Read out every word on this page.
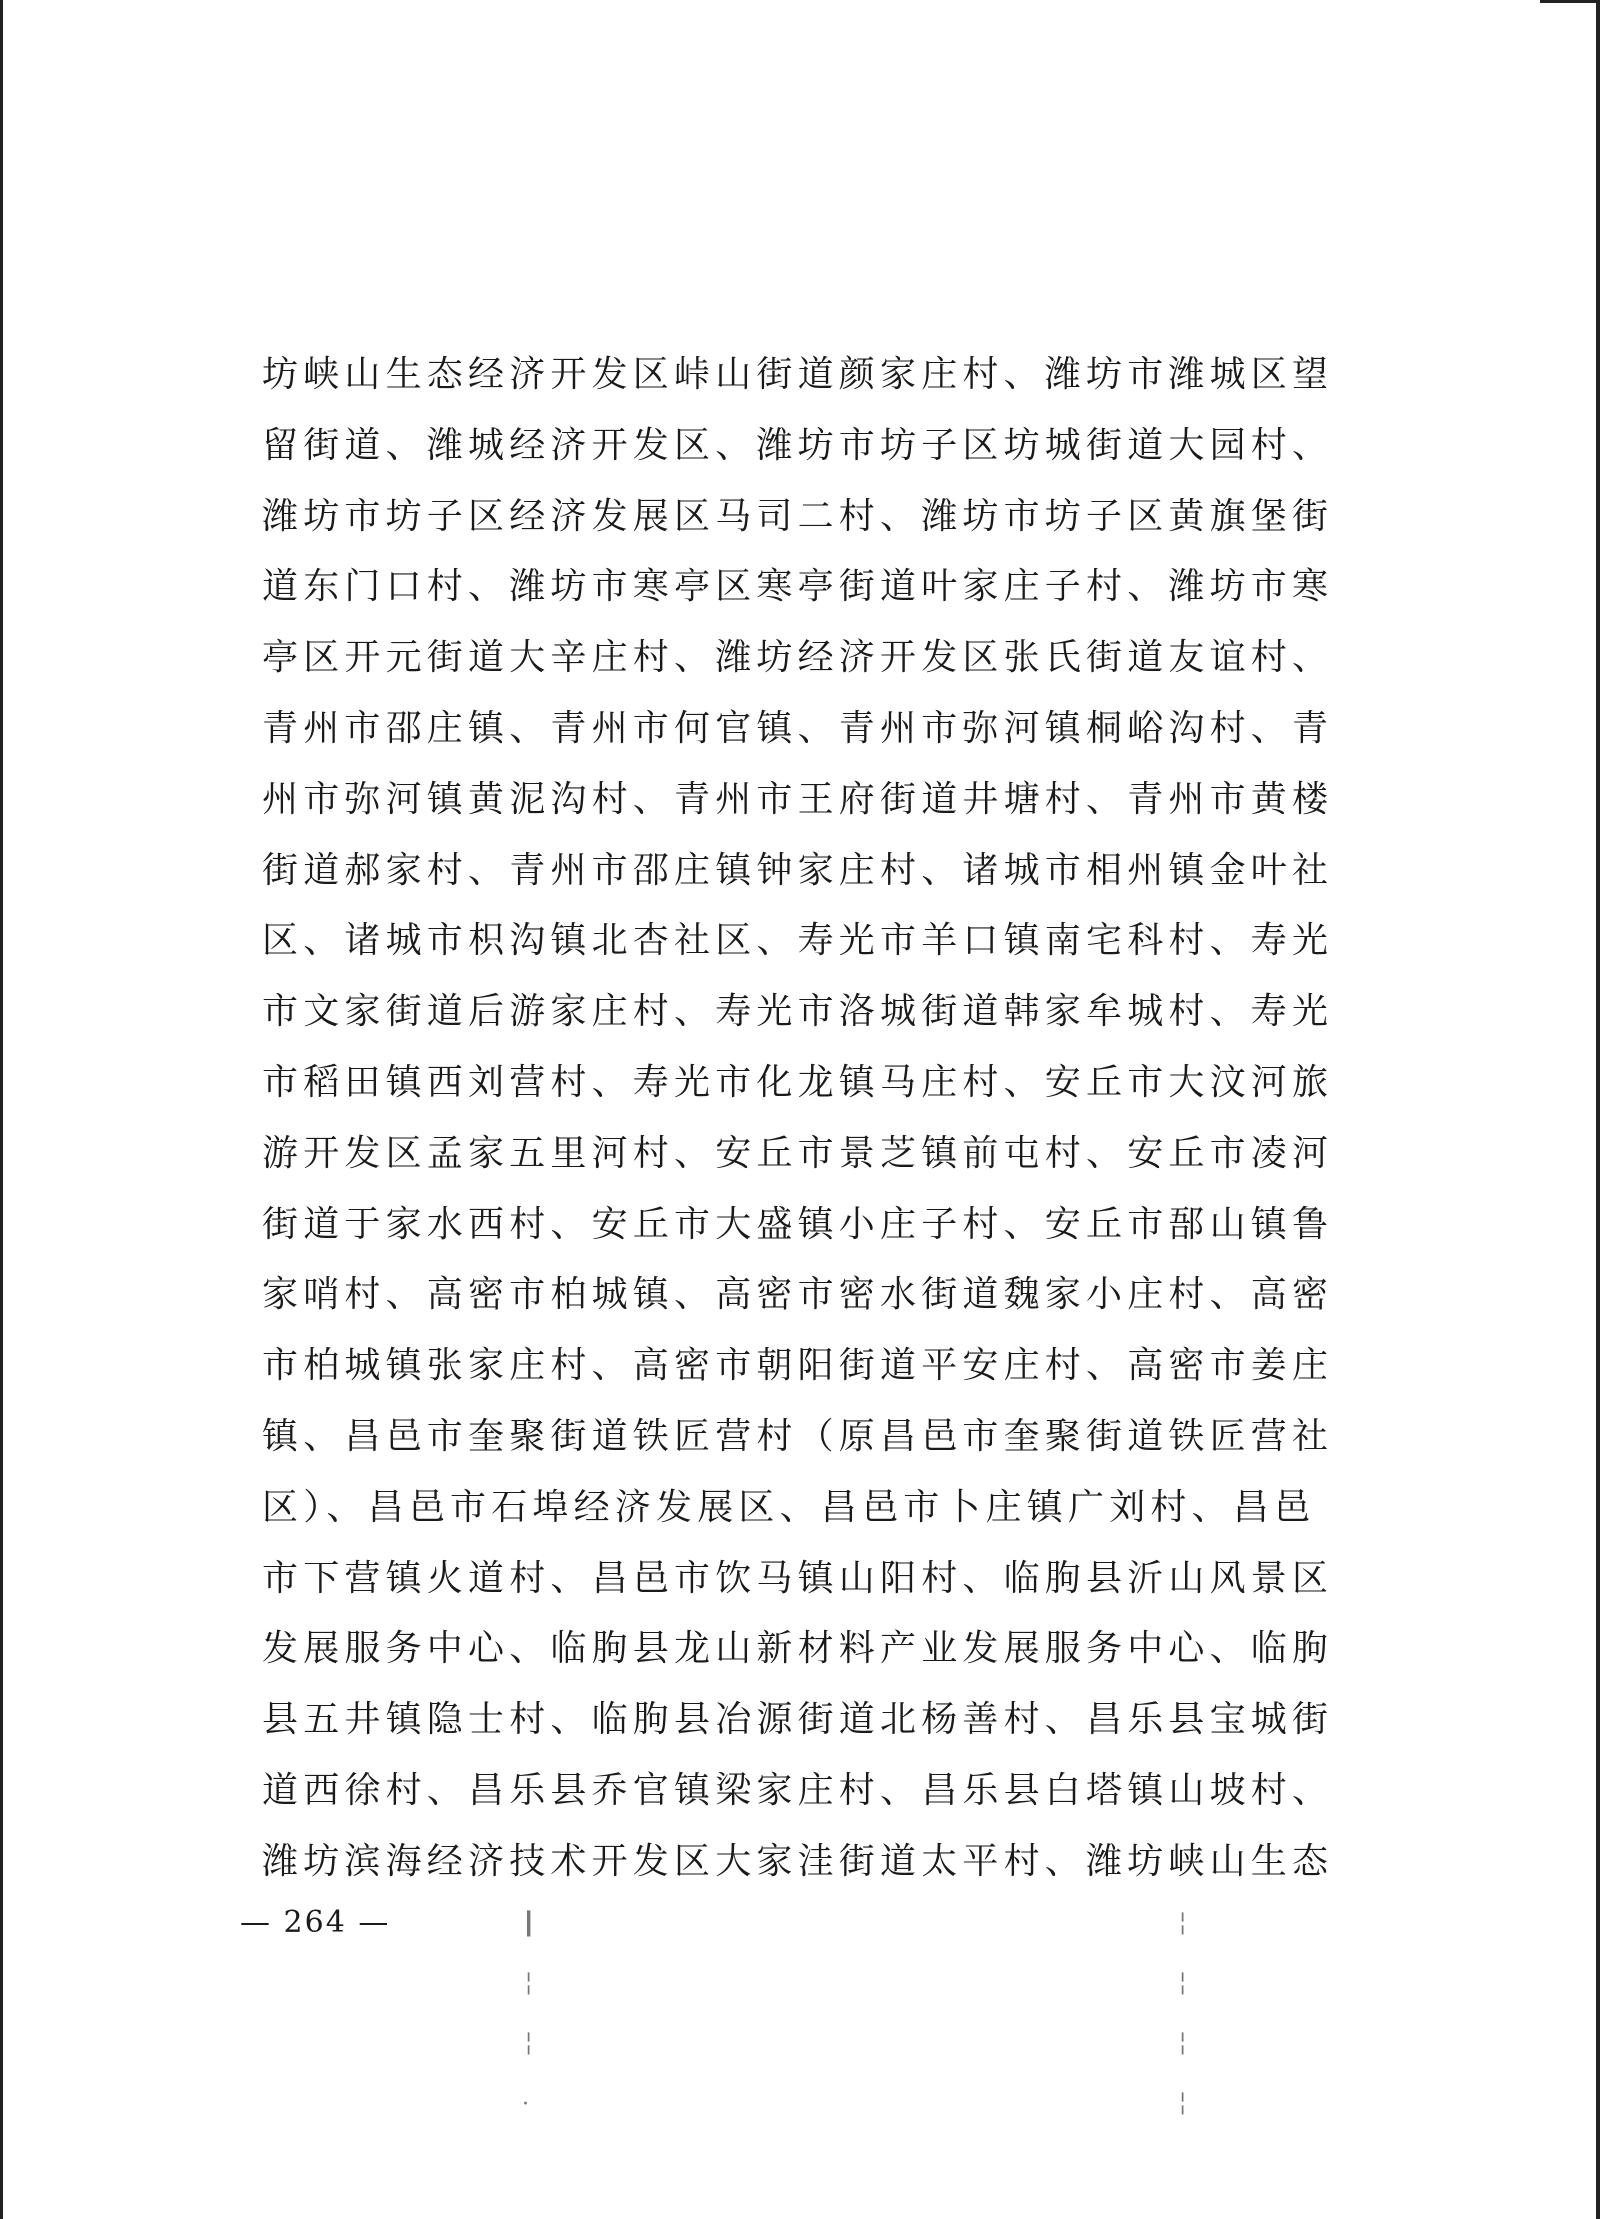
坊峡山生态经济开发区峠山街道颜家庄村、潍坊市潍城区望
留街道、潍城经济开发区、潍坊市坊子区坊城街道大园村、
潍坊市坊子区经济发展区马司二村、潍坊市坊子区黄旗堡街
道东门口村、潍坊市寒亭区寒亭街道叶家庄子村、潍坊市寒
亭区开元街道大辛庄村、潍坊经济开发区张氏街道友谊村、
青州市邵庄镇、青州市何官镇、青州市弥河镇桐峪沟村、青
州市弥河镇黄泥沟村、青州市王府街道井塘村、青州市黄楼
街道郝家村、青州市邵庄镇钟家庄村、诸城市相州镇金叶社
区、诸城市枳沟镇北杏社区、寿光市羊口镇南宅科村、寿光
市文家街道后游家庄村、寿光市洛城街道韩家牟城村、寿光
市稻田镇西刘营村、寿光市化龙镇马庄村、安丘市大汶河旅
游开发区孟家五里河村、安丘市景芝镇前屯村、安丘市凌河
街道于家水西村、安丘市大盛镇小庄子村、安丘市郚山镇鲁
家哨村、高密市柏城镇、高密市密水街道魏家小庄村、高密
市柏城镇张家庄村、高密市朝阳街道平安庄村、高密市姜庄
镇、昌邑市奎聚街道铁匠营村（原昌邑市奎聚街道铁匠营社
区）、昌邑市石埠经济发展区、昌邑市卜庄镇广刘村、昌邑
市下营镇火道村、昌邑市饮马镇山阳村、临朐县沂山风景区
发展服务中心、临朐县龙山新材料产业发展服务中心、临朐
县五井镇隐士村、临朐县冶源街道北杨善村、昌乐县宝城街
道西徐村、昌乐县乔官镇梁家庄村、昌乐县白塔镇山坡村、
潍坊滨海经济技术开发区大家洼街道太平村、潍坊峡山生态
— 264 —	┃
╎
╎
·
╎
╎
╎
╎
